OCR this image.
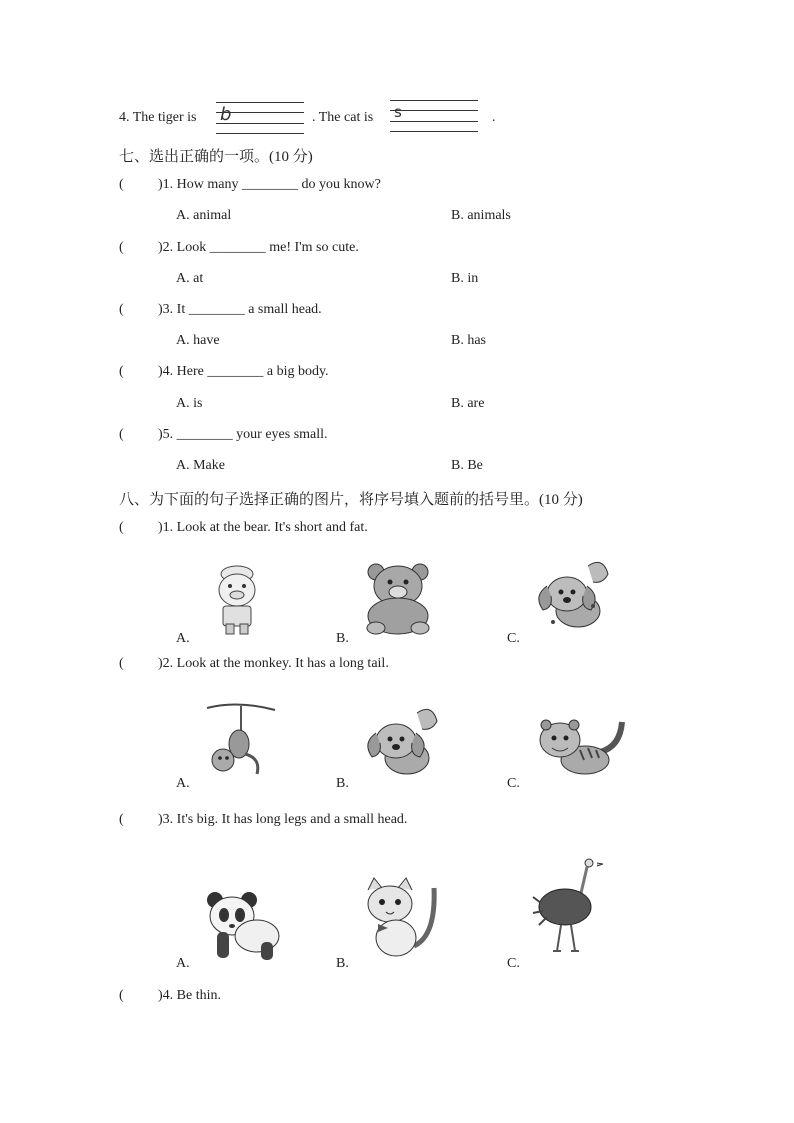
4. The tiger is b	. The cat is s	.
七、选出正确的一项。(10 分)
( )1. How many ________ do you know?
A. animal	B. animals
( )2. Look ________ me! I'm so cute.
A. at	B. in
( )3. It ________ a small head.
A. have	B. has
( )4. Here ________ a big body.
A. is	B. are
( )5. ________ your eyes small.
A. Make	B. Be
八、为下面的句子选择正确的图片，将序号填入题前的括号里。(10 分)
( )1. Look at the bear. It's short and fat.
A.	B.	C.
( )2. Look at the monkey. It has a long tail.
A.	B.	C.
( )3. It's big. It has long legs and a small head.
A.	B.	C.
( )4. Be thin.
